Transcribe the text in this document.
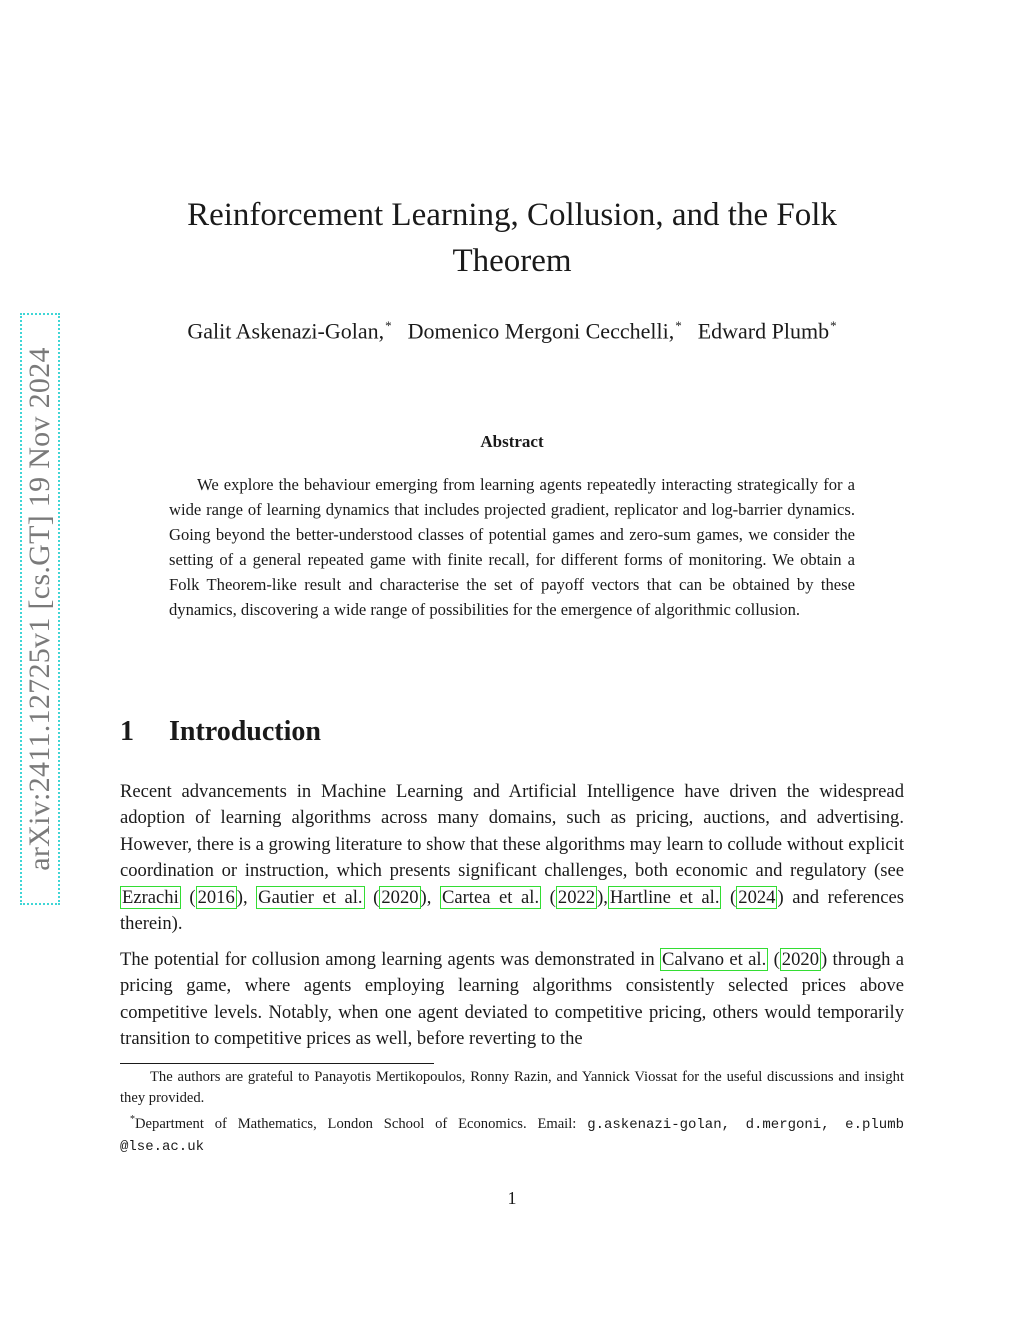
arXiv:2411.12725v1 [cs.GT] 19 Nov 2024
Reinforcement Learning, Collusion, and the Folk
Theorem
Galit Askenazi-Golan,* Domenico Mergoni Cecchelli,* Edward Plumb*
Abstract

We explore the behaviour emerging from learning agents repeatedly interacting strategically for a wide range of learning dynamics that includes projected gradient, replicator and log-barrier dynamics. Going beyond the better-understood classes of potential games and zero-sum games, we consider the setting of a general repeated game with finite recall, for different forms of monitoring. We obtain a Folk Theorem-like result and characterise the set of payoff vectors that can be obtained by these dynamics, discovering a wide range of possibilities for the emergence of algorithmic collusion.

1 Introduction

Recent advancements in Machine Learning and Artificial Intelligence have driven the widespread adoption of learning algorithms across many domains, such as pricing, auctions, and advertising. However, there is a growing literature to show that these algorithms may learn to collude without explicit coordination or instruction, which presents significant challenges, both economic and regulatory (see Ezrachi ( 2016 ), Gautier et al. ( 2020 ), Cartea et al. ( 2022 ), Hartline et al. ( 2024 ) and references therein).

The potential for collusion among learning agents was demonstrated in Calvano et al. ( 2020 ) through a pricing game, where agents employing learning algorithms consistently selected prices above competitive levels. Notably, when one agent deviated to competitive pricing, others would temporarily transition to competitive prices as well, before reverting to the

The authors are grateful to Panayotis Mertikopoulos, Ronny Razin, and Yannick Viossat for the useful discussions and insight they provided.

*Department of Mathematics, London School of Economics. Email: g.askenazi-golan, d.mergoni, e.plumb @lse.ac.uk

1
